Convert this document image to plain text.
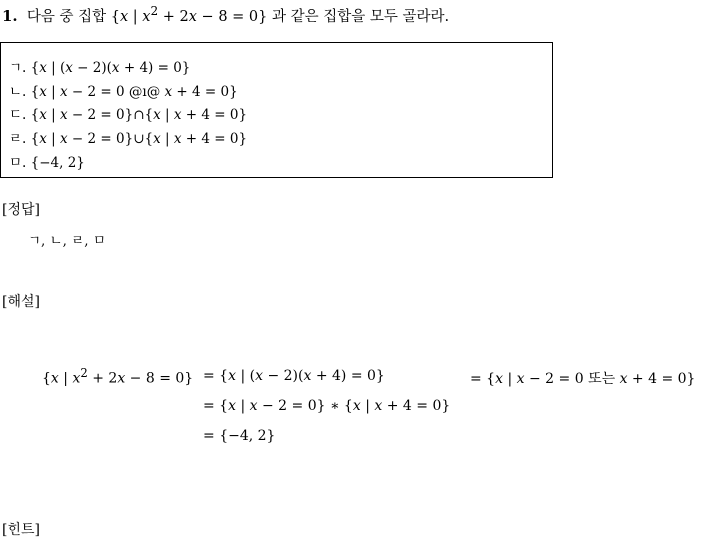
1. 다음 중 집합 {x | $x^2 + 2x - 8 = 0$} 과 같은 집합을 모두 골라라.
ㄱ. {x | (x − 2)(x + 4) = 0}
ㄴ. {x | x − 2 = 0 @ı@ x + 4 = 0}
ㄷ. {x | x − 2 = 0}∩{x | x + 4 = 0}
ㄹ. {x | x − 2 = 0}∪{x | x + 4 = 0}
ㅁ. {−4, 2}
[정답]
ㄱ, ㄴ, ㄹ, ㅁ
[해설]
{x | $x^2 + 2x - 8 = 0\} = \{x$ | (x − 2)(x + 4) = 0}	= {x | x − 2 = 0 또는 x + 4 = 0}
= {x | x − 2 = 0} ∗ {x | x + 4 = 0}
= {−4, 2}
[힌트]
